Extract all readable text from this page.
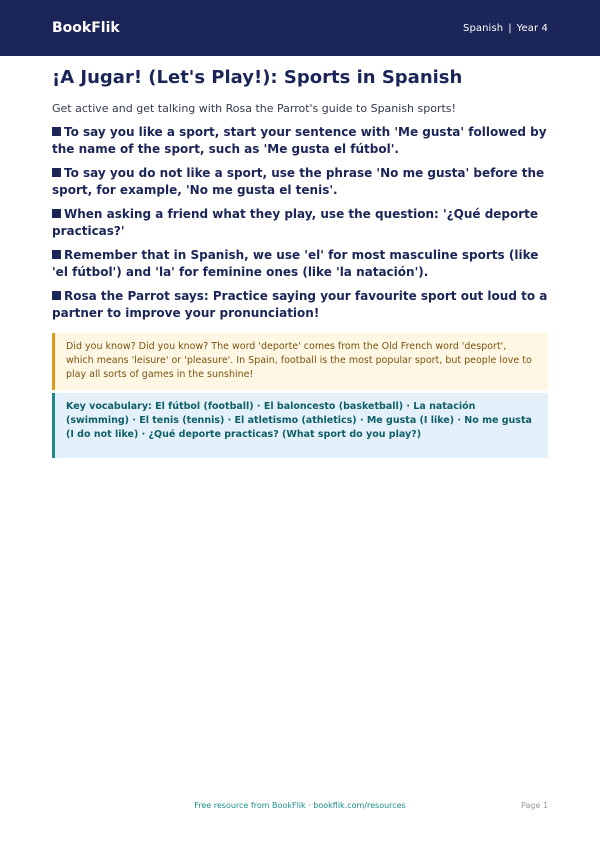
BookFlik	Spanish | Year 4
¡A Jugar! (Let's Play!): Sports in Spanish

Get active and get talking with Rosa the Parrot's guide to Spanish sports!

To say you like a sport, start your sentence with 'Me gusta' followed by the name of the sport, such as 'Me gusta el fútbol'.
To say you do not like a sport, use the phrase 'No me gusta' before the sport, for example, 'No me gusta el tenis'.
When asking a friend what they play, use the question: '¿Qué deporte practicas?'
Remember that in Spanish, we use 'el' for most masculine sports (like 'el fútbol') and 'la' for feminine ones (like 'la natación').
Rosa the Parrot says: Practice saying your favourite sport out loud to a partner to improve your pronunciation!
Did you know? Did you know? The word 'deporte' comes from the Old French word 'desport', which means 'leisure' or 'pleasure'. In Spain, football is the most popular sport, but people love to play all sorts of games in the sunshine!
Key vocabulary: El fútbol (football) · El baloncesto (basketball) · La natación (swimming) · El tenis (tennis) · El atletismo (athletics) · Me gusta (I like) · No me gusta (I do not like) · ¿Qué deporte practicas? (What sport do you play?)
Free resource from BookFlik · bookflik.com/resources	Page 1
